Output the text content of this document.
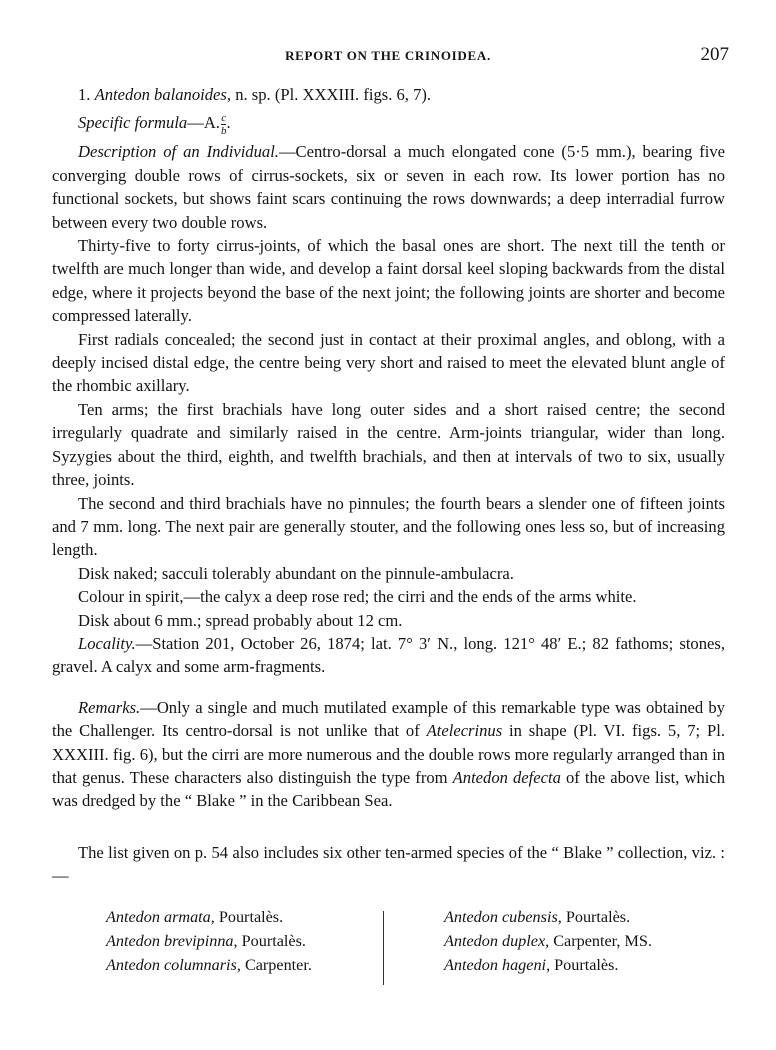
REPORT ON THE CRINOIDEA.	207

1. Antedon balanoides, n. sp. (Pl. XXXIII. figs. 6, 7).

Specific formula—A. $\frac{c}{b}$ .

Description of an Individual.—Centro-dorsal a much elongated cone (5·5 mm.), bearing five converging double rows of cirrus-sockets, six or seven in each row. Its lower portion has no functional sockets, but shows faint scars continuing the rows downwards; a deep interradial furrow between every two double rows.

Thirty-five to forty cirrus-joints, of which the basal ones are short. The next till the tenth or twelfth are much longer than wide, and develop a faint dorsal keel sloping backwards from the distal edge, where it projects beyond the base of the next joint; the following joints are shorter and become compressed laterally.

First radials concealed; the second just in contact at their proximal angles, and oblong, with a deeply incised distal edge, the centre being very short and raised to meet the elevated blunt angle of the rhombic axillary.

Ten arms; the first brachials have long outer sides and a short raised centre; the second irregularly quadrate and similarly raised in the centre. Arm-joints triangular, wider than long. Syzygies about the third, eighth, and twelfth brachials, and then at intervals of two to six, usually three, joints.

The second and third brachials have no pinnules; the fourth bears a slender one of fifteen joints and 7 mm. long. The next pair are generally stouter, and the following ones less so, but of increasing length.

Disk naked; sacculi tolerably abundant on the pinnule-ambulacra.

Colour in spirit,—the calyx a deep rose red; the cirri and the ends of the arms white.

Disk about 6 mm.; spread probably about 12 cm.

Locality.—Station 201, October 26, 1874; lat. 7° 3′ N., long. 121° 48′ E.; 82 fathoms; stones, gravel. A calyx and some arm-fragments.

Remarks.—Only a single and much mutilated example of this remarkable type was obtained by the Challenger. Its centro-dorsal is not unlike that of Atelecrinus in shape (Pl. VI. figs. 5, 7; Pl. XXXIII. fig. 6), but the cirri are more numerous and the double rows more regularly arranged than in that genus. These characters also distinguish the type from Antedon defecta of the above list, which was dredged by the “ Blake ” in the Caribbean Sea.

The list given on p. 54 also includes six other ten-armed species of the “ Blake ” collection, viz. :—

Antedon armata, Pourtalès.
Antedon brevipinna, Pourtalès.
Antedon columnaris, Carpenter.
Antedon cubensis, Pourtalès.
Antedon duplex, Carpenter, MS.
Antedon hageni, Pourtalès.
